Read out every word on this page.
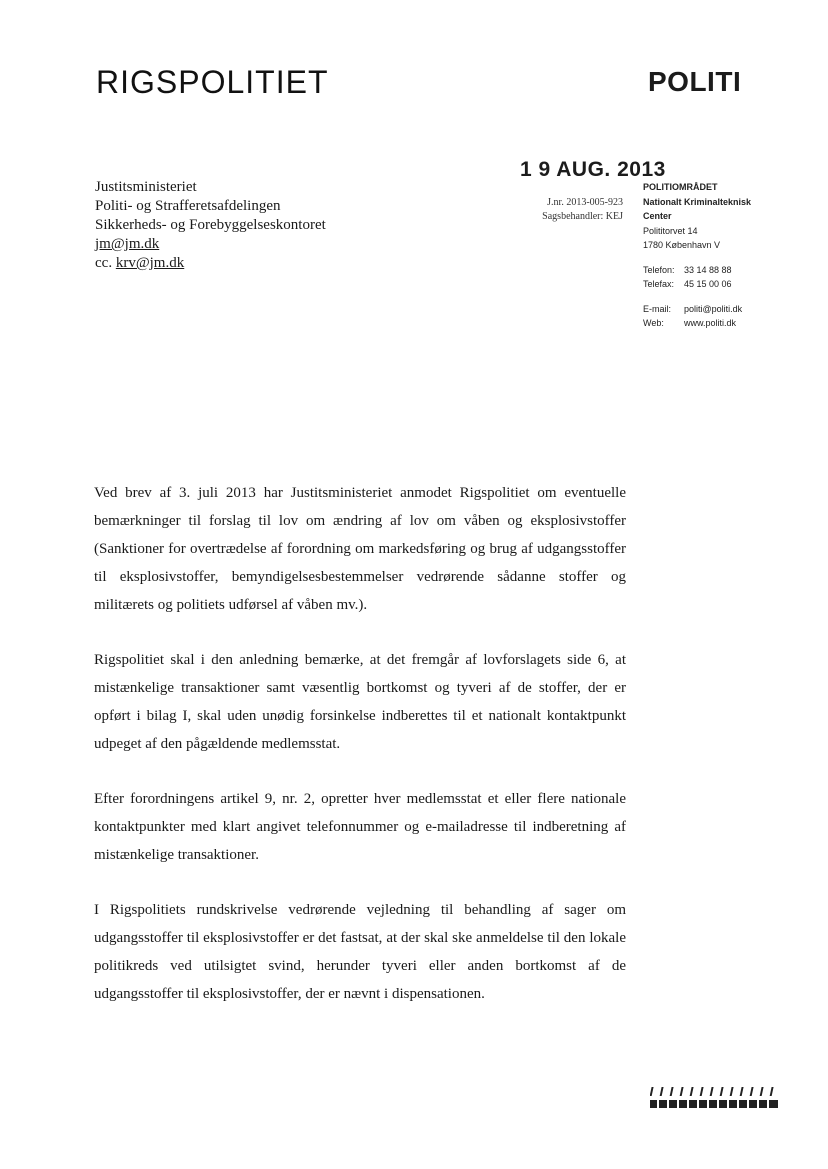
RIGSPOLITIET	POLITI
Justitsministeriet
Politi- og Strafferetsafdelingen
Sikkerheds- og Forebyggelseskontoret
jm@jm.dk
cc. krv@jm.dk
1 9 AUG. 2013
J.nr. 2013-005-923
Sagsbehandler: KEJ
POLITIOMRÅDET
Nationalt Kriminalteknisk
Center
Polititorvet 14
1780 København V
Telefon:	33 14 88 88
Telefax:	45 15 00 06
E-mail:	politi@politi.dk
Web:	www.politi.dk

Ved brev af 3. juli 2013 har Justitsministeriet anmodet Rigspolitiet om eventuelle bemærkninger til forslag til lov om ændring af lov om våben og eksplosivstoffer (Sanktioner for overtrædelse af forordning om markedsføring og brug af udgangsstoffer til eksplosivstoffer, bemyndigelsesbestemmelser vedrørende sådanne stoffer og militærets og politiets udførsel af våben mv.).

Rigspolitiet skal i den anledning bemærke, at det fremgår af lovforslagets side 6, at mistænkelige transaktioner samt væsentlig bortkomst og tyveri af de stoffer, der er opført i bilag I, skal uden unødig forsinkelse indberettes til et nationalt kontaktpunkt udpeget af den pågældende medlemsstat.

Efter forordningens artikel 9, nr. 2, opretter hver medlemsstat et eller flere nationale kontaktpunkter med klart angivet telefonnummer og e-mailadresse til indberetning af mistænkelige transaktioner.

I Rigspolitiets rundskrivelse vedrørende vejledning til behandling af sager om udgangsstoffer til eksplosivstoffer er det fastsat, at der skal ske anmeldelse til den lokale politikreds ved utilsigtet svind, herunder tyveri eller anden bortkomst af de udgangsstoffer til eksplosivstoffer, der er nævnt i dispensationen.
